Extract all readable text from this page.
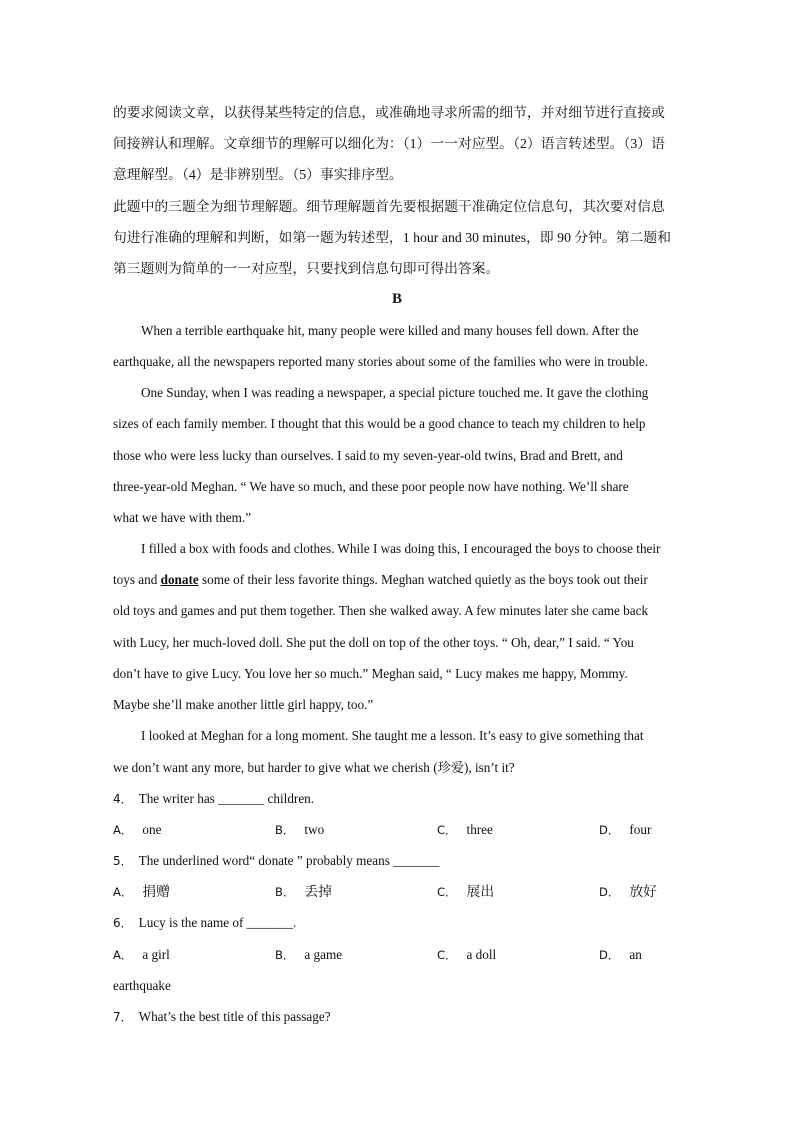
的要求阅读文章，以获得某些特定的信息，或准确地寻求所需的细节，并对细节进行直接或
间接辨认和理解。文章细节的理解可以细化为：（1）一一对应型。（2）语言转述型。（3）语
意理解型。（4）是非辨别型。（5）事实排序型。
此题中的三题全为细节理解题。细节理解题首先要根据题干准确定位信息句，其次要对信息
句进行准确的理解和判断，如第一题为转述型，1 hour and 30 minutes，即 90 分钟。第二题和
第三题则为简单的一一对应型，只要找到信息句即可得出答案。
B
When a terrible earthquake hit, many people were killed and many houses fell down. After the
earthquake, all the newspapers reported many stories about some of the families who were in trouble.
One Sunday, when I was reading a newspaper, a special picture touched me. It gave the clothing
sizes of each family member. I thought that this would be a good chance to teach my children to help
those who were less lucky than ourselves. I said to my seven-year-old twins, Brad and Brett, and
three-year-old Meghan. “ We have so much, and these poor people now have nothing. We’ll share
what we have with them.”
I filled a box with foods and clothes. While I was doing this, I encouraged the boys to choose their
toys and donate some of their less favorite things. Meghan watched quietly as the boys took out their
old toys and games and put them together. Then she walked away. A few minutes later she came back
with Lucy, her much-loved doll. She put the doll on top of the other toys. “ Oh, dear,” I said. “ You
don’t have to give Lucy. You love her so much.” Meghan said, “ Lucy makes me happy, Mommy.
Maybe she’ll make another little girl happy, too.”
I looked at Meghan for a long moment. She taught me a lesson. It’s easy to give something that
we don’t want any more, but harder to give what we cherish (珍爱), isn’t it?
4． The writer has _______ children.
A． one	B． two	C． three	D． four
5． The underlined word“ donate ” probably means _______
A． 捐赠	B． 丢掉	C． 展出	D． 放好
6． Lucy is the name of _______.
A． a girl	B． a game	C． a doll	D． an
earthquake
7． What’s the best title of this passage?
